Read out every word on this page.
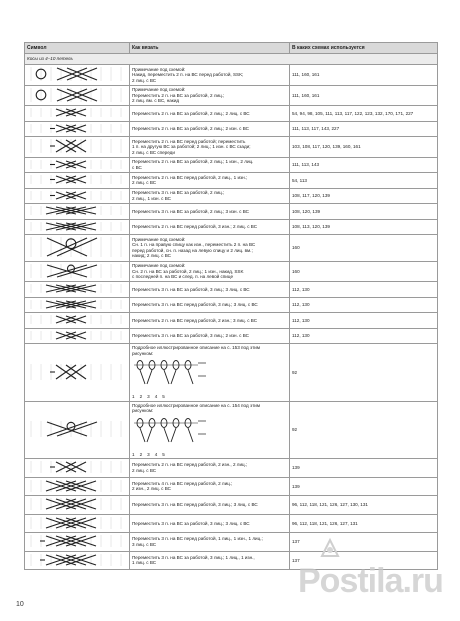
Символ	Как вязать	В каких схемах используется
Косы из 4–10 петель		

Примечание под схемой:
Накид, переместить 2 п. на ВС перед работой, SSK;
2 лиц. с ВС	111, 160, 161

Примечание под схемой:
Переместить 2 п. на ВС за работой, 2 лиц.;
2 лиц. вм. с ВС, накид	111, 160, 161

Переместить 2 п. на ВС за работой, 2 лиц.; 2 лиц. с ВС	54, 94, 98, 105, 111, 113, 117, 122, 123, 132, 170, 171, 227

Переместить 2 п. на ВС за работой, 2 лиц.; 2 изн. с ВС	111, 113, 117, 143, 227

Переместить 2 п. на ВС перед работой; переместить
1 п. на другую ВС за работой; 2 лиц.; 1 изн. с ВС сзади;
2 лиц. с ВС спереди	103, 108, 117, 120, 139, 160, 161

Переместить 2 п. на ВС за работой, 2 лиц.; 1 изн., 2 лиц.
с ВС	111, 113, 143

Переместить 2 п. на ВС перед работой, 2 лиц., 1 изн.;
2 лиц. с ВС	54, 113

Переместить 3 п. на ВС за работой, 2 лиц.;
2 лиц., 1 изн. с ВС	108, 117, 120, 139

Переместить 3 п. на ВС за работой, 2 лиц.; 3 изн. с ВС	108, 120, 139

Переместить 2 п. на ВС перед работой, 3 изн.; 2 лиц. с ВС	108, 113, 120, 139

Примечание под схемой:
Сн. 1 п. на правую спицу как изн., переместить 2 п. на ВС
перед работой, сн. п. назад на левую спицу и 2 лиц. вм.;
накид; 2 лиц. с ВС	160

Примечание под схемой:
Сн. 2 п. на ВС за работой, 2 лиц.; 1 изн., накид, SSK
с последней п. на ВС и след. п. на левой спице	160

Переместить 3 п. на ВС за работой, 3 лиц.; 3 лиц. с ВС	112, 130

Переместить 3 п. на ВС перед работой, 3 лиц.; 3 лиц. с ВС	112, 130

Переместить 2 п. на ВС перед работой, 2 изн.; 3 лиц. с ВС	112, 130

Переместить 3 п. на ВС за работой, 3 лиц.; 2 изн. с ВС	112, 130

Подробное иллюстрированное описание на с. 153 под этим
рисунком:
12345	92

Подробное иллюстрированное описание на с. 154 под этим
рисунком:
12345	92

Переместить 2 п. на ВС перед работой, 2 изн., 2 лиц.;
2 лиц. с ВС	139

Переместить 4 п. на ВС перед работой, 2 лиц.;
2 изн., 2 лиц. с ВС	139

Переместить 3 п. на ВС перед работой, 3 лиц.; 3 лиц. с ВС	96, 112, 118, 121, 126, 127, 130, 131

Переместить 3 п. на ВС за работой, 3 лиц.; 3 лиц. с ВС	96, 112, 118, 121, 126, 127, 131

Переместить 3 п. на ВС перед работой, 1 лиц., 1 изн., 1 лиц.;
3 лиц. с ВС	137

Переместить 3 п. на ВС за работой, 3 лиц.; 1 лиц., 1 изн.,
1 лиц. с ВС	137
10
Postila.ru
